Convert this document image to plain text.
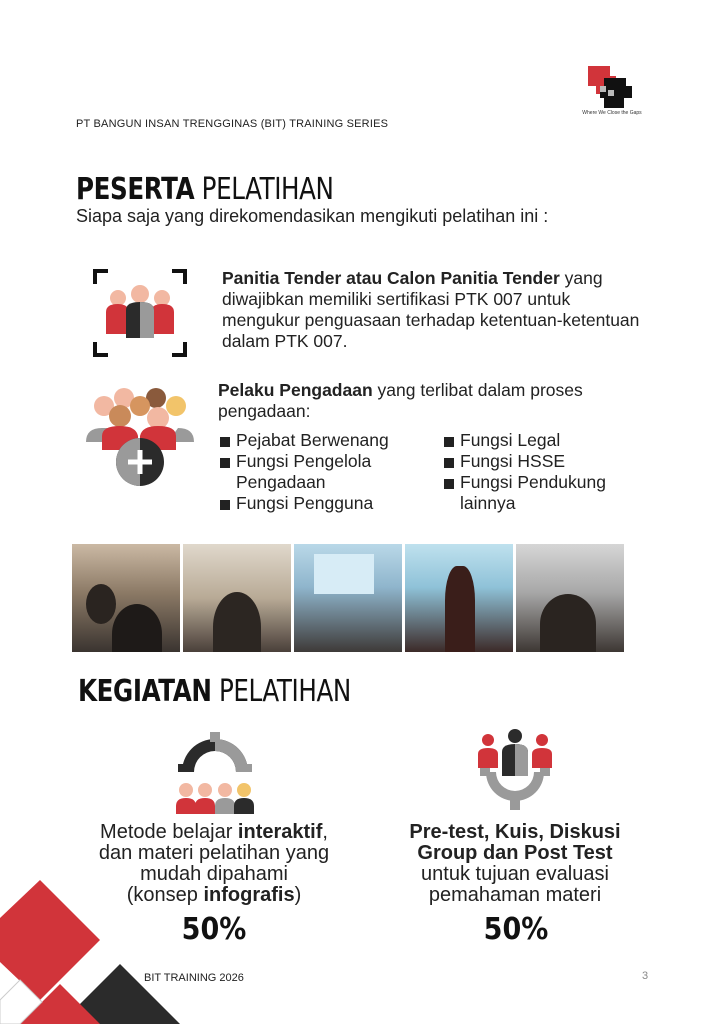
PT BANGUN INSAN TRENGGINAS (BIT) TRAINING SERIES
Where We Close the Gaps
PESERTA PELATIHAN
Siapa saja yang direkomendasikan mengikuti pelatihan ini :
Panitia Tender atau Calon Panitia Tender yang diwajibkan memiliki sertifikasi PTK 007 untuk mengukur penguasaan terhadap ketentuan-ketentuan dalam PTK 007.
Pelaku Pengadaan yang terlibat dalam proses pengadaan:
Pejabat Berwenang
Fungsi Pengelola Pengadaan
Fungsi Pengguna
Fungsi Legal
Fungsi HSSE
Fungsi Pendukung lainnya
KEGIATAN PELATIHAN
Metode belajar interaktif,
dan materi pelatihan yang
mudah dipahami
(konsep infografis)
50%
Pre-test, Kuis, Diskusi
Group dan Post Test
untuk tujuan evaluasi
pemahaman materi
50%
BIT TRAINING 2026	3
